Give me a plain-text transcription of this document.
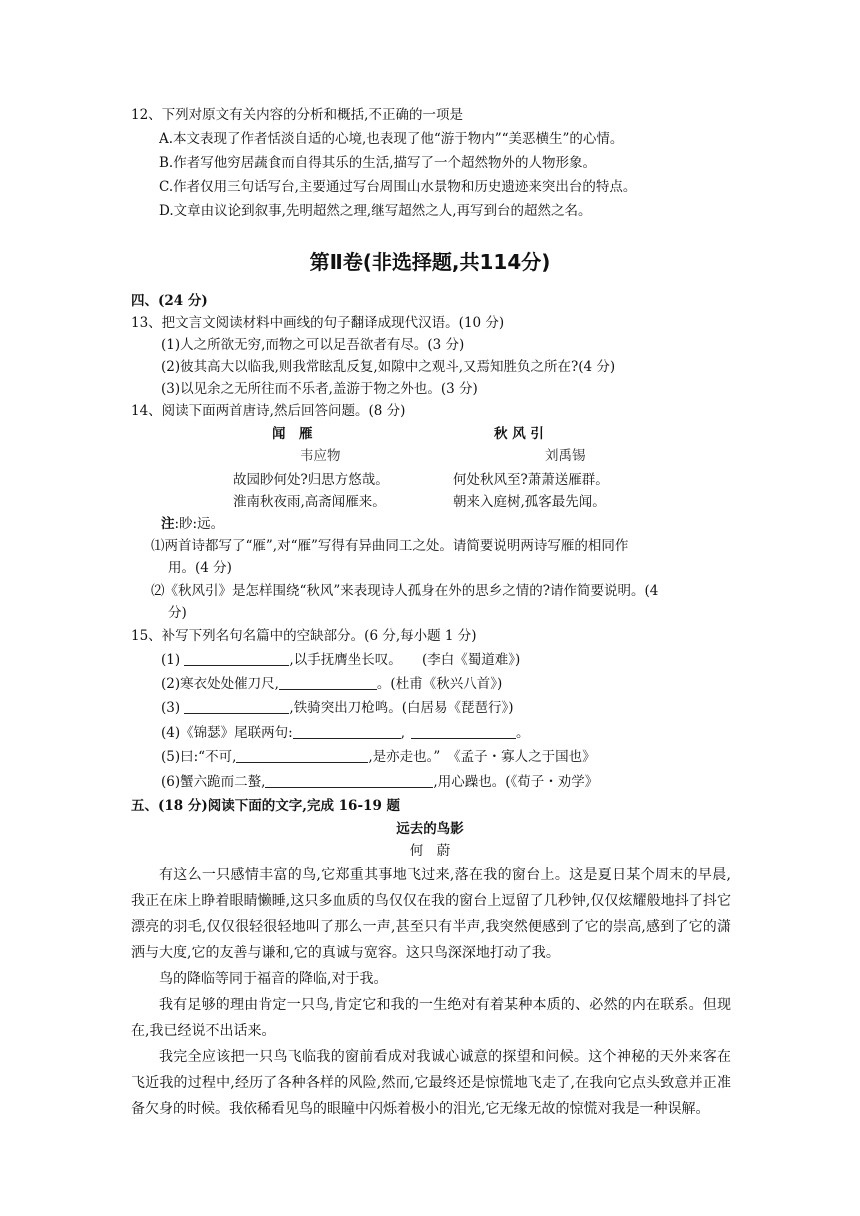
12、下列对原文有关内容的分析和概括,不正确的一项是
A.本文表现了作者恬淡自适的心境,也表现了他“游于物内”“美恶横生”的心情。
B.作者写他穷居蔬食而自得其乐的生活,描写了一个超然物外的人物形象。
C.作者仅用三句话写台,主要通过写台周围山水景物和历史遗迹来突出台的特点。
D.文章由议论到叙事,先明超然之理,继写超然之人,再写到台的超然之名。
第Ⅱ卷(非选择题,共114分)
四、(24 分)
13、把文言文阅读材料中画线的句子翻译成现代汉语。(10 分)
(1)人之所欲无穷,而物之可以足吾欲者有尽。(3 分)
(2)彼其高大以临我,则我常眩乱反复,如隙中之观斗,又焉知胜负之所在?(4 分)
(3)以见余之无所往而不乐者,盖游于物之外也。(3 分)
14、阅读下面两首唐诗,然后回答问题。(8 分)
闻　雁	秋 风 引
韦应物	刘禹锡
故园眇何处?归思方悠哉。	何处秋风至?萧萧送雁群。
淮南秋夜雨,高斋闻雁来。	朝来入庭树,孤客最先闻。
注:眇:远。
⑴两首诗都写了“雁”,对“雁”写得有异曲同工之处。请简要说明两诗写雁的相同作
用。(4 分)
⑵《秋风引》是怎样围绕“秋风”来表现诗人孤身在外的思乡之情的?请作简要说明。(4
分)
15、补写下列名句名篇中的空缺部分。(6 分,每小题 1 分)
(1)	,以手抚膺坐长叹。　　(李白《蜀道难》)
(2)寒衣处处催刀尺,	。(杜甫《秋兴八首》)
(3)	,铁骑突出刀枪鸣。(白居易《琵琶行》)
(4)《锦瑟》尾联两句:	,	。
(5)曰:“不可,	,是亦走也。”　《孟子・寡人之于国也》
(6)蟹六跪而二螯,	,用心躁也。(《荀子・劝学》
五、(18 分)阅读下面的文字,完成 16-19 题
远去的鸟影
何　蔚

有这么一只感情丰富的鸟,它郑重其事地飞过来,落在我的窗台上。这是夏日某个周末的早晨,我正在床上睁着眼睛懒睡,这只多血质的鸟仅仅在我的窗台上逗留了几秒钟,仅仅炫耀般地抖了抖它漂亮的羽毛,仅仅很轻很轻地叫了那么一声,甚至只有半声,我突然便感到了它的崇高,感到了它的潇洒与大度,它的友善与谦和,它的真诚与宽容。这只鸟深深地打动了我。

鸟的降临等同于福音的降临,对于我。

我有足够的理由肯定一只鸟,肯定它和我的一生绝对有着某种本质的、必然的内在联系。但现在,我已经说不出话来。

我完全应该把一只鸟飞临我的窗前看成对我诚心诚意的探望和问候。这个神秘的天外来客在飞近我的过程中,经历了各种各样的风险,然而,它最终还是惊慌地飞走了,在我向它点头致意并正准备欠身的时候。我依稀看见鸟的眼瞳中闪烁着极小的泪光,它无缘无故的惊慌对我是一种误解。
